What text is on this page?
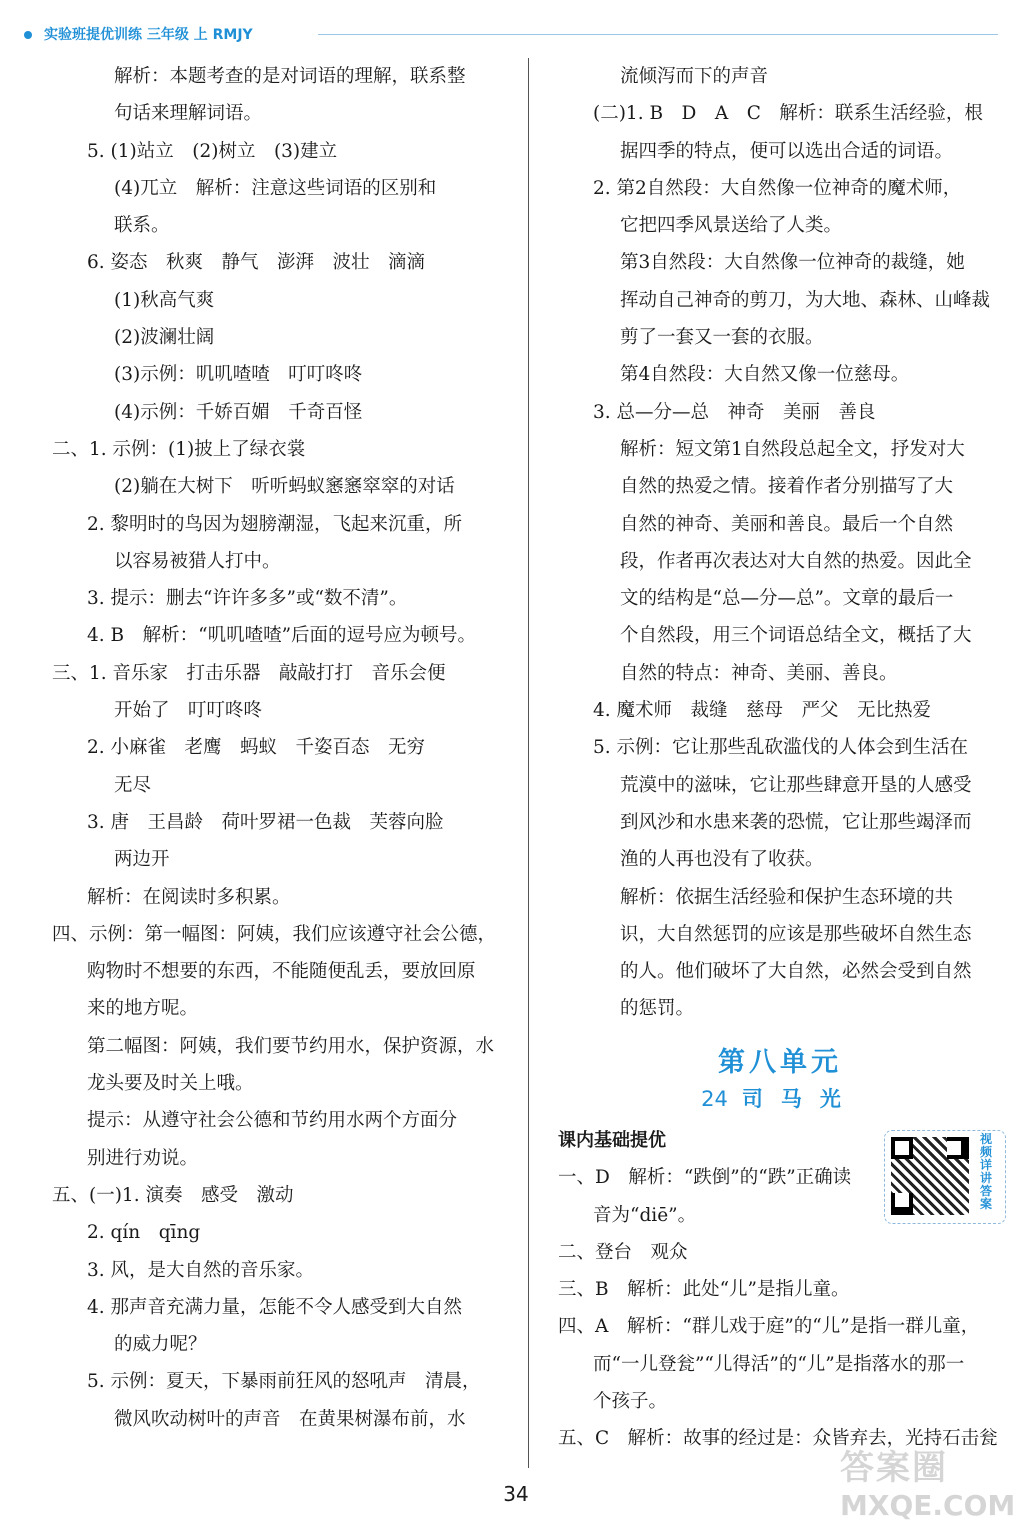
实验班提优训练 三年级 上 RMJY
解析：本题考查的是对词语的理解，联系整
句话来理解词语。
5. (1)站立　(2)树立　(3)建立
(4)兀立　解析：注意这些词语的区别和
联系。
6. 姿态　秋爽　静气　澎湃　波壮　滴滴
(1)秋高气爽
(2)波澜壮阔
(3)示例：叽叽喳喳　叮叮咚咚
(4)示例：千娇百媚　千奇百怪
二、1. 示例：(1)披上了绿衣裳
(2)躺在大树下　听听蚂蚁窸窸窣窣的对话
2. 黎明时的鸟因为翅膀潮湿，飞起来沉重，所
以容易被猎人打中。
3. 提示：删去“许许多多”或“数不清”。
4. B　解析：“叽叽喳喳”后面的逗号应为顿号。
三、1. 音乐家　打击乐器　敲敲打打　音乐会便
开始了　叮叮咚咚
2. 小麻雀　老鹰　蚂蚁　千姿百态　无穷
无尽
3. 唐　王昌龄　荷叶罗裙一色裁　芙蓉向脸
两边开
解析：在阅读时多积累。
四、示例：第一幅图：阿姨，我们应该遵守社会公德，
购物时不想要的东西，不能随便乱丢，要放回原
来的地方呢。
第二幅图：阿姨，我们要节约用水，保护资源，水
龙头要及时关上哦。
提示：从遵守社会公德和节约用水两个方面分
别进行劝说。
五、(一)1. 演奏　感受　激动
2. qín　qīng
3. 风，是大自然的音乐家。
4. 那声音充满力量，怎能不令人感受到大自然
的威力呢？
5. 示例：夏天，下暴雨前狂风的怒吼声　清晨，
微风吹动树叶的声音　在黄果树瀑布前，水
流倾泻而下的声音
(二)1. B　D　A　C　解析：联系生活经验，根
据四季的特点，便可以选出合适的词语。
2. 第2自然段：大自然像一位神奇的魔术师，
它把四季风景送给了人类。
第3自然段：大自然像一位神奇的裁缝，她
挥动自己神奇的剪刀，为大地、森林、山峰裁
剪了一套又一套的衣服。
第4自然段：大自然又像一位慈母。
3. 总—分—总　神奇　美丽　善良
解析：短文第1自然段总起全文，抒发对大
自然的热爱之情。接着作者分别描写了大
自然的神奇、美丽和善良。最后一个自然
段，作者再次表达对大自然的热爱。因此全
文的结构是“总—分—总”。文章的最后一
个自然段，用三个词语总结全文，概括了大
自然的特点：神奇、美丽、善良。
4. 魔术师　裁缝　慈母　严父　无比热爱
5. 示例：它让那些乱砍滥伐的人体会到生活在
荒漠中的滋味，它让那些肆意开垦的人感受
到风沙和水患来袭的恐慌，它让那些竭泽而
渔的人再也没有了收获。
解析：依据生活经验和保护生态环境的共
识，大自然惩罚的应该是那些破坏自然生态
的人。他们破坏了大自然，必然会受到自然
的惩罚。
第八单元
24 司马光
课内基础提优
一、D　解析：“跌倒”的“跌”正确读
音为“diē”。
二、登台　观众
三、B　解析：此处“儿”是指儿童。
四、A　解析：“群儿戏于庭”的“儿”是指一群儿童，
而“一儿登瓮”“儿得活”的“儿”是指落水的那一
个孩子。
五、C　解析：故事的经过是：众皆弃去，光持石击瓮
视频详讲答案
34
答案圈
MXQE.COM
